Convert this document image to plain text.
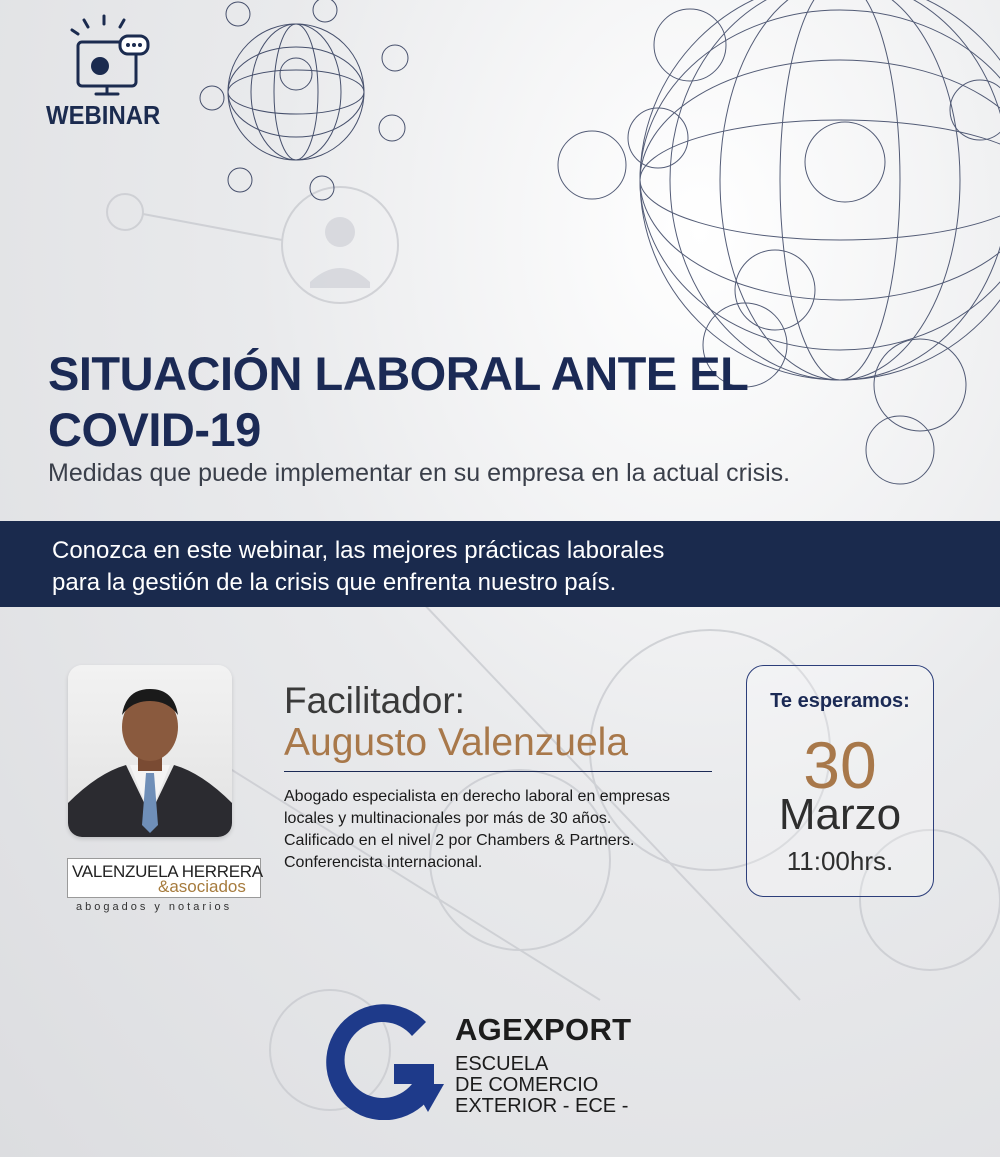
WEBINAR
SITUACIÓN LABORAL ANTE EL COVID-19
Medidas que puede implementar en su empresa en la actual crisis.
Conozca en este webinar, las mejores prácticas laborales
para la gestión de la crisis que enfrenta nuestro país.
VALENZUELA HERRERA
&asociados
abogados y notarios
Facilitador:
Augusto Valenzuela
Abogado especialista en derecho laboral en empresas locales y multinacionales por más de 30 años. Calificado en el nivel 2 por Chambers & Partners. Conferencista internacional.
Te esperamos:
30
Marzo
11:00hrs.
AGEXPORT
ESCUELA
DE COMERCIO
EXTERIOR - ECE -
